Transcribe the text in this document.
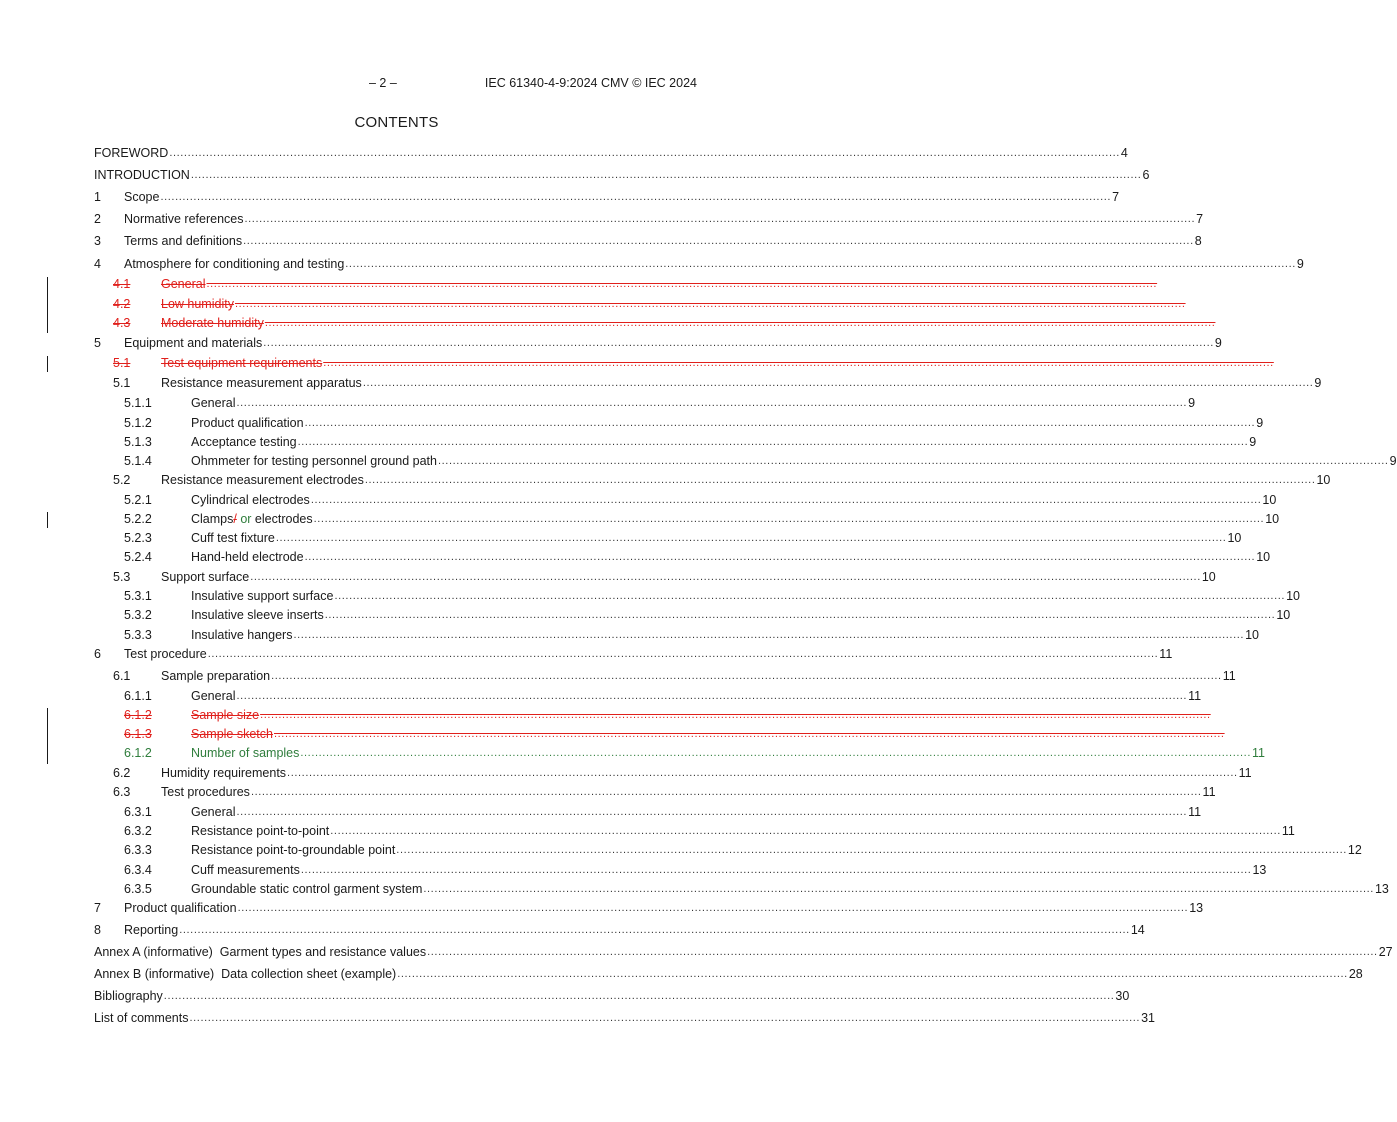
– 2 –	IEC 61340-4-9:2024 CMV © IEC 2024
CONTENTS
FOREWORD .................................................................................................................................................................................................................................................................... 4
INTRODUCTION .................................................................................................................................................................................................................................................................... 6
1	Scope .................................................................................................................................................................................................................................................................... 7
2	Normative references .................................................................................................................................................................................................................................................................... 7
3	Terms and definitions .................................................................................................................................................................................................................................................................... 8
4	Atmosphere for conditioning and testing .................................................................................................................................................................................................................................................................... 9
4.1	General ....................................................................................................................................................................................................................................................................
4.2	Low humidity ....................................................................................................................................................................................................................................................................
4.3	Moderate humidity ....................................................................................................................................................................................................................................................................
5	Equipment and materials .................................................................................................................................................................................................................................................................... 9
5.1	Test equipment requirements ....................................................................................................................................................................................................................................................................
5.1	Resistance measurement apparatus .................................................................................................................................................................................................................................................................... 9
5.1.1	General .................................................................................................................................................................................................................................................................... 9
5.1.2	Product qualification .................................................................................................................................................................................................................................................................... 9
5.1.3	Acceptance testing .................................................................................................................................................................................................................................................................... 9
5.1.4	Ohmmeter for testing personnel ground path .................................................................................................................................................................................................................................................................... 9
5.2	Resistance measurement electrodes .................................................................................................................................................................................................................................................................... 10
5.2.1	Cylindrical electrodes .................................................................................................................................................................................................................................................................... 10
5.2.2	Clamps/ or electrodes .................................................................................................................................................................................................................................................................... 10
5.2.3	Cuff test fixture .................................................................................................................................................................................................................................................................... 10
5.2.4	Hand-held electrode .................................................................................................................................................................................................................................................................... 10
5.3	Support surface .................................................................................................................................................................................................................................................................... 10
5.3.1	Insulative support surface .................................................................................................................................................................................................................................................................... 10
5.3.2	Insulative sleeve inserts .................................................................................................................................................................................................................................................................... 10
5.3.3	Insulative hangers .................................................................................................................................................................................................................................................................... 10
6	Test procedure .................................................................................................................................................................................................................................................................... 11
6.1	Sample preparation .................................................................................................................................................................................................................................................................... 11
6.1.1	General .................................................................................................................................................................................................................................................................... 11
6.1.2	Sample size ....................................................................................................................................................................................................................................................................
6.1.3	Sample sketch ....................................................................................................................................................................................................................................................................
6.1.2	Number of samples .................................................................................................................................................................................................................................................................... 11
6.2	Humidity requirements .................................................................................................................................................................................................................................................................... 11
6.3	Test procedures .................................................................................................................................................................................................................................................................... 11
6.3.1	General .................................................................................................................................................................................................................................................................... 11
6.3.2	Resistance point-to-point .................................................................................................................................................................................................................................................................... 11
6.3.3	Resistance point-to-groundable point .................................................................................................................................................................................................................................................................... 12
6.3.4	Cuff measurements .................................................................................................................................................................................................................................................................... 13
6.3.5	Groundable static control garment system .................................................................................................................................................................................................................................................................... 13
7	Product qualification .................................................................................................................................................................................................................................................................... 13
8	Reporting .................................................................................................................................................................................................................................................................... 14
Annex A (informative)  Garment types and resistance values .................................................................................................................................................................................................................................................................... 27
Annex B (informative)  Data collection sheet (example) .................................................................................................................................................................................................................................................................... 28
Bibliography .................................................................................................................................................................................................................................................................... 30
List of comments .................................................................................................................................................................................................................................................................... 31
